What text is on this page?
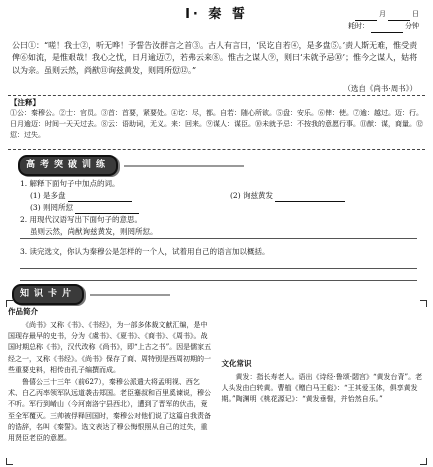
I· 秦 誓	月	日
耗时：	分钟
公曰①：“嗟！我士②，听无哗！予誓告汝群言之首③。古人有言曰，‘民讫自若④，是多盘⑤。’责人斯无难，惟受责俾⑥如流，是惟艰哉！我心之忧，日月逾迈⑦，若弗云来⑧。惟古之谋人⑨，则曰‘未就予忌⑩’；惟今之谋人，姑将以为亲。虽则云然，尚猷⑪询兹黄发，则罔所愆⑫。”
（选自《尚书·周书》）
【注释】
①公：秦穆公。②士：官员。③首：首要，紧要处。④讫：尽，都。自若：随心所欲。⑤盘：安乐。⑥俾：使。⑦逾：越过。迈：行。日月逾迈：时间一天天过去。⑧云：语助词，无义。来：回来。⑨谋人：谋臣。⑩未就予忌：不按我的意愿行事。⑪猷：谋，商量。⑫愆：过失。
高考突破训练
1. 解释下面句子中加点的词。
(1) 是多盘	(2) 询兹黄发
(3) 则罔所愆
2. 用现代汉语写出下面句子的意思。
虽则云然，尚猷询兹黄发，则罔所愆。
3. 读完选文，你认为秦穆公是怎样的一个人，试着用自己的语言加以概括。
知识卡片
作品简介
《尚书》又称《书》、《书经》，为一部多体裁文献汇编，是中国现存最早的史书，分为《虞书》、《夏书》、《商书》、《周书》。战国时期总称《书》，汉代改称《尚书》，即“上古之书”。因是儒家五经之一，又称《书经》。《尚书》保存了商、周特别是西周初期的一些重要史料，相传由孔子编撰而成。
鲁僖公三十三年（前627），秦穆公派遣大将孟明视、西乞术、白乙丙率领军队远道袭击郑国。老臣蹇叔和百里奚谏说，穆公不听。军行到崤山（今河南洛宁县西北），遭到了晋军的伏击，竟至全军覆灭。三帅被俘释回国时，秦穆公对他们说了这篇自我责备的诰辞，名叫《秦誓》。选文表达了穆公悔恨照从自己的过失，重用贤臣老臣的意愿。
文化常识
黄发：指长寿老人。语出《诗经·鲁颂·閟宫》“黄发台背”。老人头发由白转黄。曹植《赠白马王彪》：“王其爱玉体，俱享黄发期。”陶渊明《桃花源记》：“黄发垂髫，并怡然自乐。”
